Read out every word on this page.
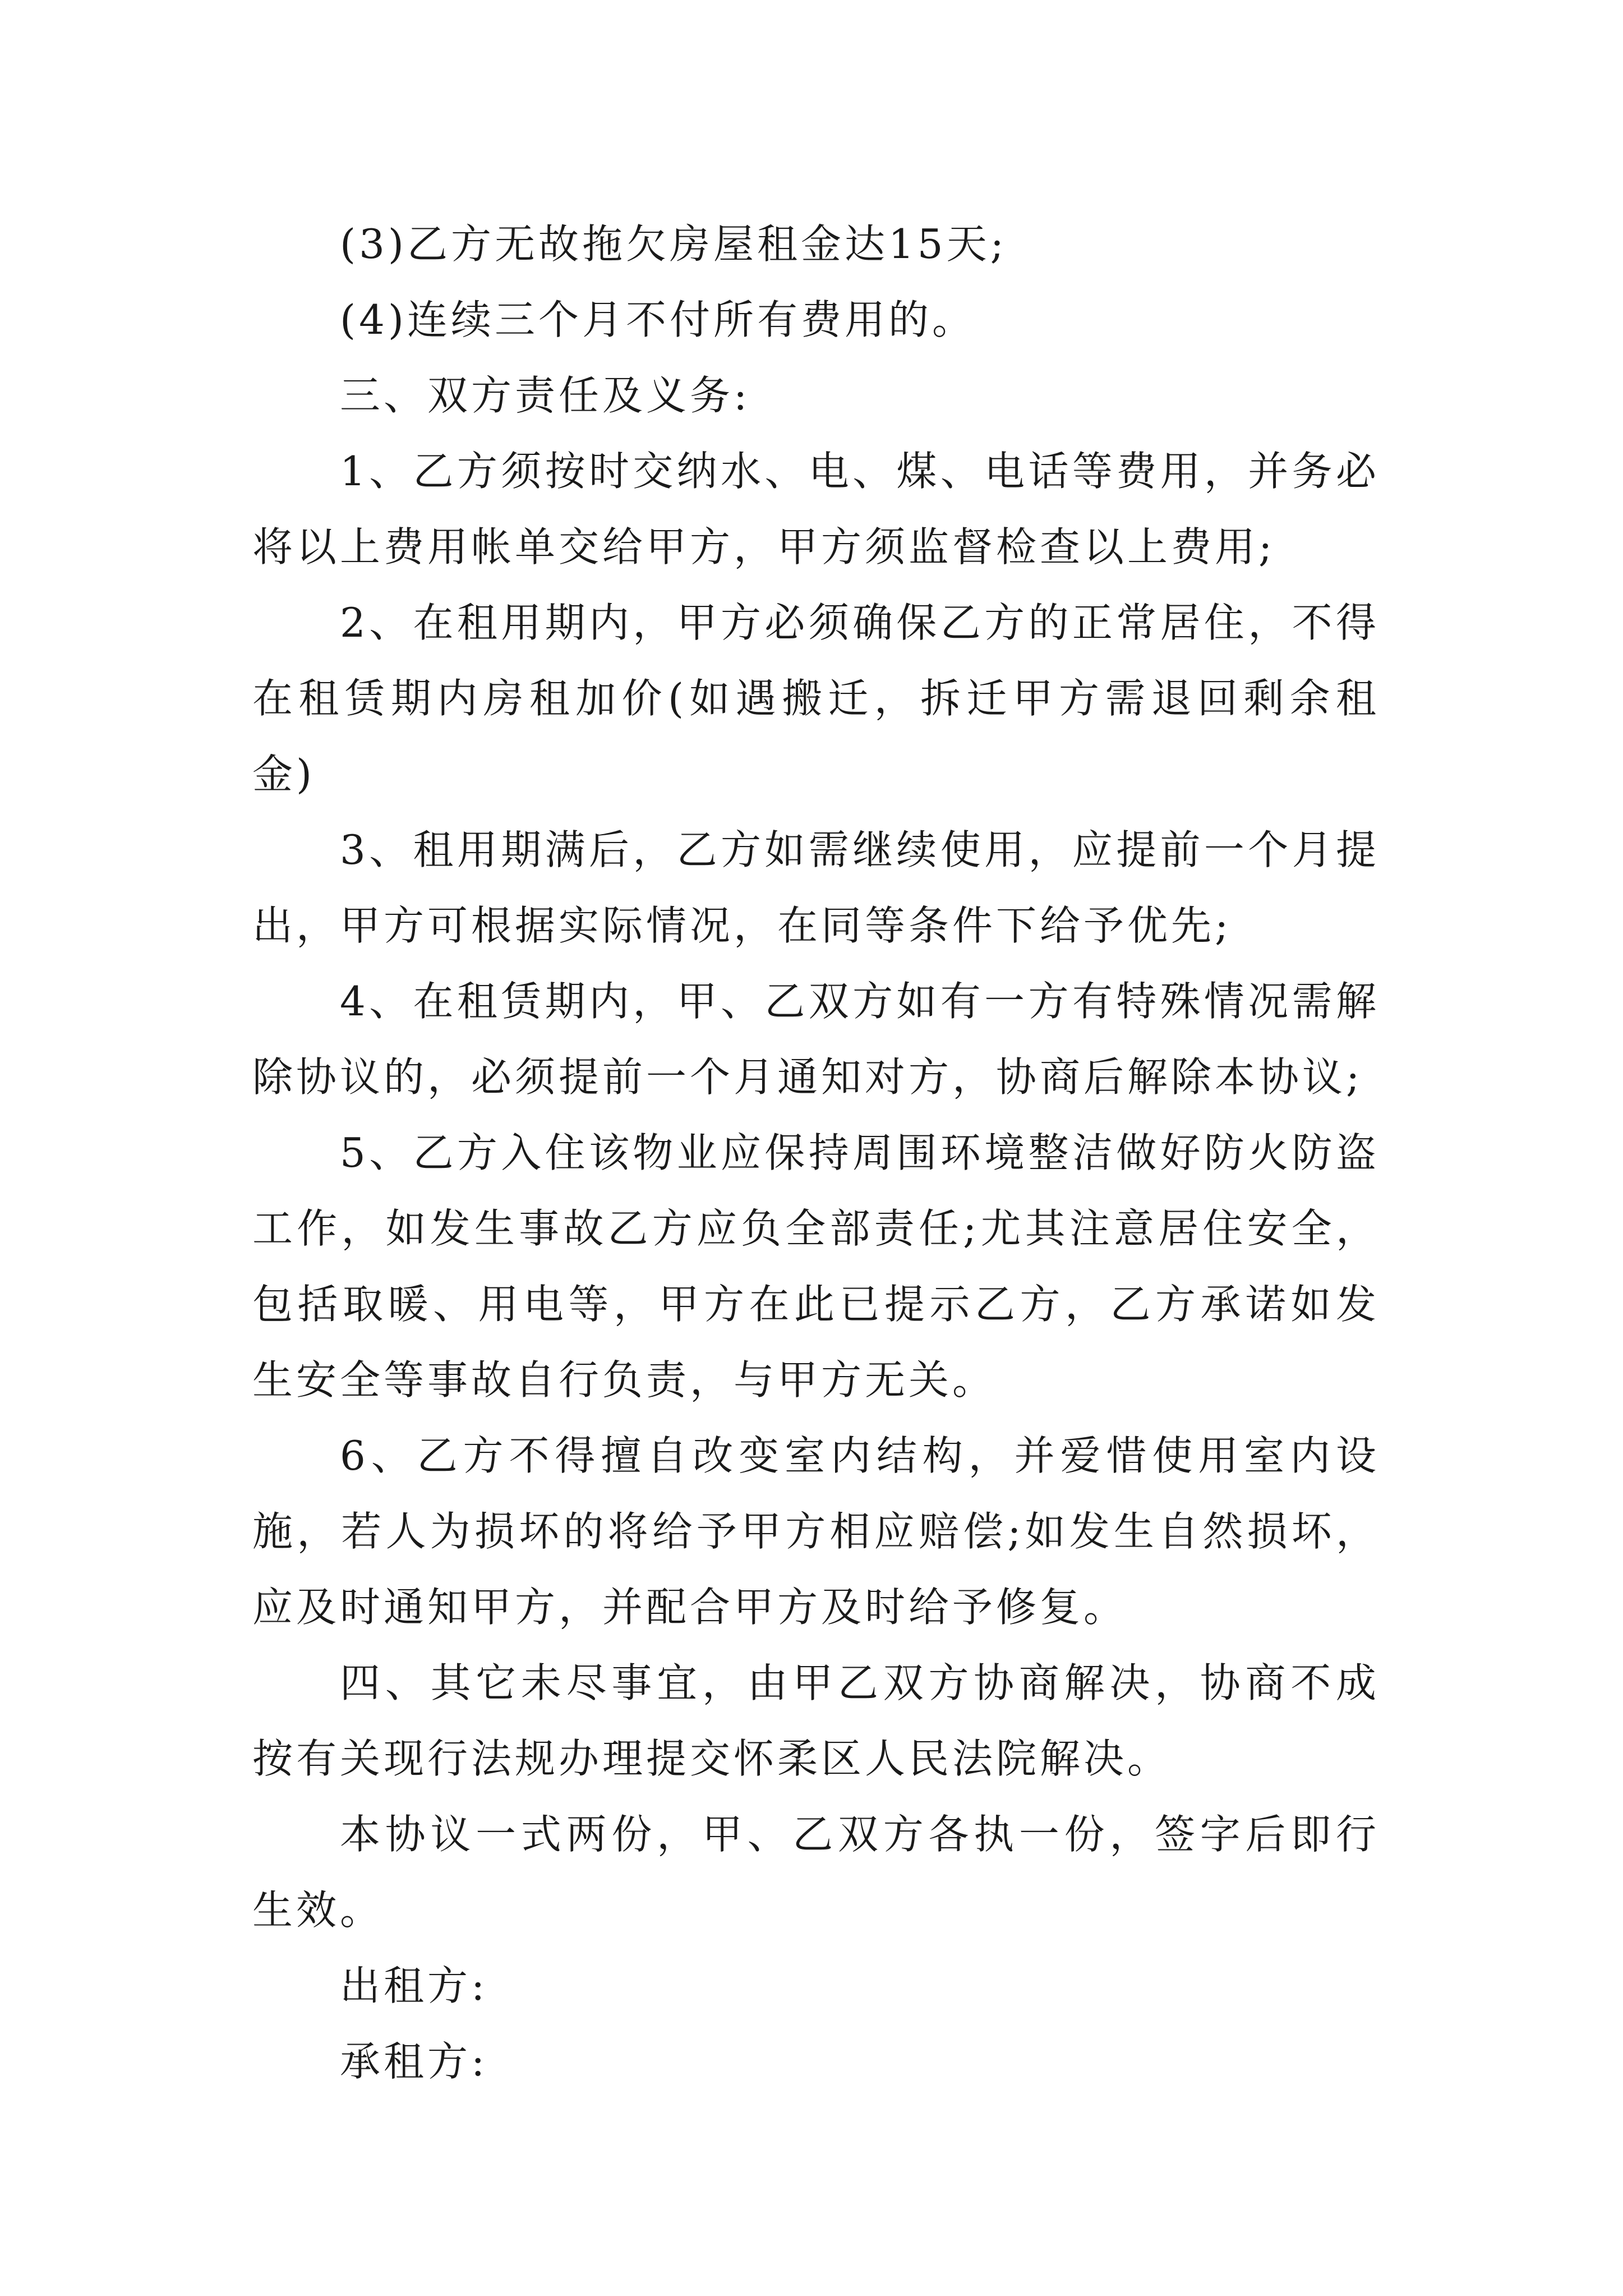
(3)乙方无故拖欠房屋租金达15天;

(4)连续三个月不付所有费用的。

三、双方责任及义务:

1、乙方须按时交纳水、电、煤、电话等费用，并务必将以上费用帐单交给甲方，甲方须监督检查以上费用;

2、在租用期内，甲方必须确保乙方的正常居住，不得在租赁期内房租加价(如遇搬迁，拆迁甲方需退回剩余租金)

3、租用期满后，乙方如需继续使用，应提前一个月提出，甲方可根据实际情况，在同等条件下给予优先;

4、在租赁期内，甲、乙双方如有一方有特殊情况需解除协议的，必须提前一个月通知对方，协商后解除本协议;

5、乙方入住该物业应保持周围环境整洁做好防火防盗工作，如发生事故乙方应负全部责任;尤其注意居住安全，包括取暖、用电等，甲方在此已提示乙方，乙方承诺如发生安全等事故自行负责，与甲方无关。

6、乙方不得擅自改变室内结构，并爱惜使用室内设施，若人为损坏的将给予甲方相应赔偿;如发生自然损坏，应及时通知甲方，并配合甲方及时给予修复。

四、其它未尽事宜，由甲乙双方协商解决，协商不成按有关现行法规办理提交怀柔区人民法院解决。

本协议一式两份，甲、乙双方各执一份，签字后即行生效。

出租方:

承租方:
